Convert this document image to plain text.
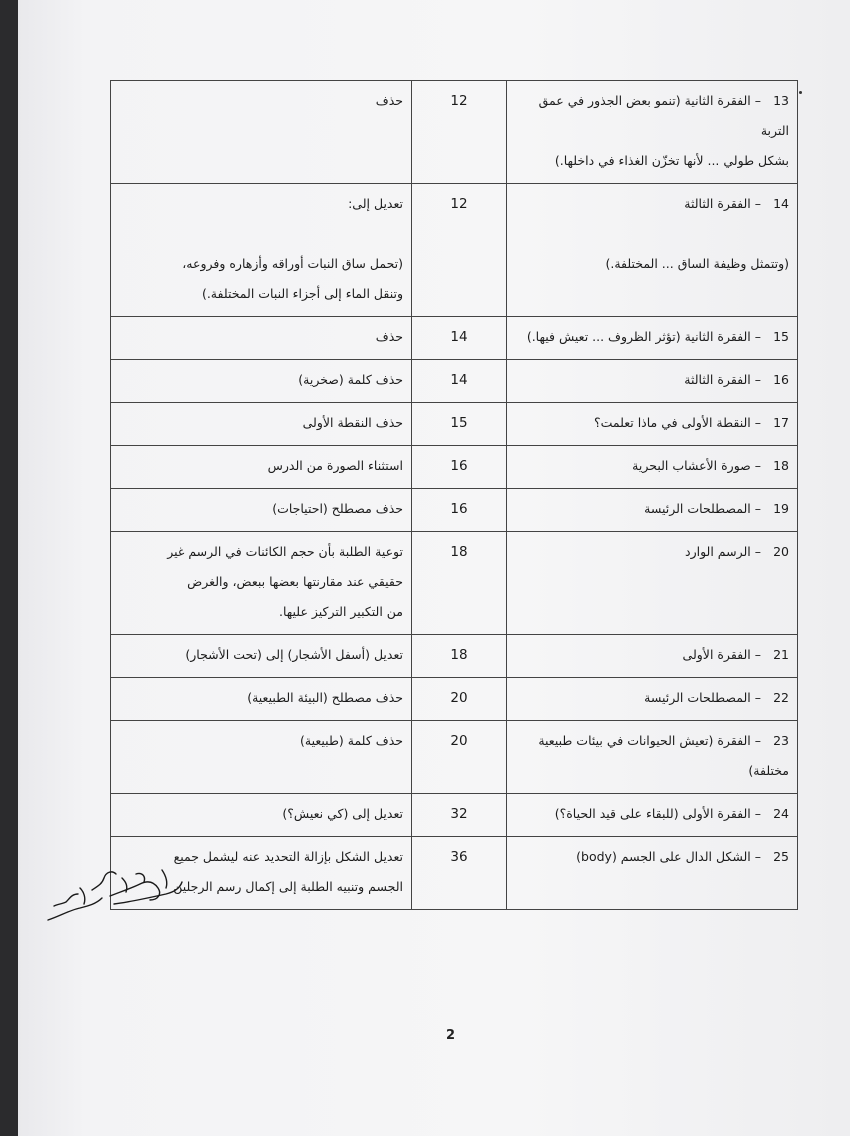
13– الفقرة الثانية (تنمو بعض الجذور في عمق التربة
بشكل طولي ... لأنها تخزّن الغذاء في داخلها.)	12	حذف

14– الفقرة الثالثة

(وتتمثل وظيفة الساق ... المختلفة.)	12	تعديل إلى:

(تحمل ساق النبات أوراقه وأزهاره وفروعه،
وتنقل الماء إلى أجزاء النبات المختلفة.)

15– الفقرة الثانية (تؤثر الظروف ... تعيش فيها.)	14	حذف

16– الفقرة الثالثة	14	حذف كلمة (صخرية)

17– النقطة الأولى في ماذا تعلمت؟	15	حذف النقطة الأولى

18– صورة الأعشاب البحرية	16	استثناء الصورة من الدرس

19– المصطلحات الرئيسة	16	حذف مصطلح (احتياجات)

20– الرسم الوارد	18	توعية الطلبة بأن حجم الكائنات في الرسم غير
حقيقي عند مقارنتها بعضها ببعض، والغرض
من التكبير التركيز عليها.

21– الفقرة الأولى	18	تعديل (أسفل الأشجار) إلى (تحت الأشجار)

22– المصطلحات الرئيسة	20	حذف مصطلح (البيئة الطبيعية)

23– الفقرة (تعيش الحيوانات في بيئات طبيعية مختلفة)	20	حذف كلمة (طبيعية)

24– الفقرة الأولى (للبقاء على قيد الحياة؟)	32	تعديل إلى (كي نعيش؟)

25– الشكل الدال على الجسم (body)	36	تعديل الشكل بإزالة التحديد عنه ليشمل جميع
الجسم وتنبيه الطلبة إلى إكمال رسم الرجلين
2
